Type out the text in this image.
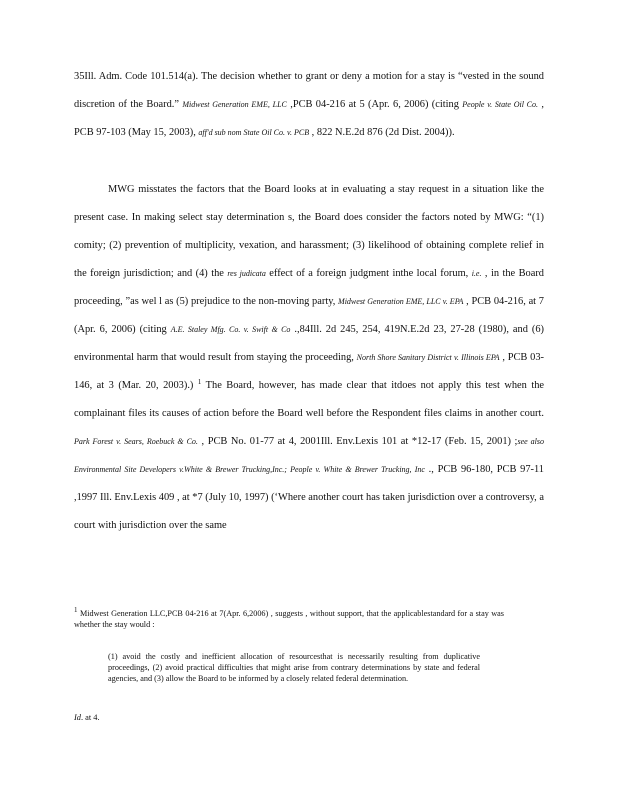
35Ill. Adm. Code 101.514(a). The decision whether to grant or deny a motion for a stay is “vested in the sound discretion of the Board.” Midwest Generation EME, LLC ,PCB 04-216 at 5 (Apr. 6, 2006) (citing People v. State Oil Co. , PCB 97-103 (May 15, 2003), aff'd sub nom State Oil Co. v. PCB , 822 N.E.2d 876 (2d Dist. 2004)).
MWG misstates the factors that the Board looks at in evaluating a stay request in a situation like the present case. In making select stay determination s, the Board does consider the factors noted by MWG: “(1) comity; (2) prevention of multiplicity, vexation, and harassment; (3) likelihood of obtaining complete relief in the foreign jurisdiction; and (4) the res judicata effect of a foreign judgment inthe local forum, i.e. , in the Board proceeding, ”as wel l as (5) prejudice to the non-moving party, Midwest Generation EME, LLC v. EPA , PCB 04-216, at 7 (Apr. 6, 2006) (citing A.E. Staley Mfg. Co. v. Swift & Co .,84Ill. 2d 245, 254, 419N.E.2d 23, 27-28 (1980), and (6) environmental harm that would result from staying the proceeding, North Shore Sanitary District v. Illinois EPA , PCB 03-146, at 3 (Mar. 20, 2003).) $^1$ The Board, however, has made clear that itdoes not apply this test when the complainant files its causes of action before the Board well before the Respondent files claims in another court. Park Forest v. Sears, Roebuck & Co. , PCB No. 01-77 at 4, 2001Ill. Env.Lexis 101 at *12-17 (Feb. 15, 2001) ;see also Environmental Site Developers v.White & Brewer Trucking,Inc.; People v. White & Brewer Trucking, Inc ., PCB 96-180, PCB 97-11 ,1997 Ill. Env.Lexis 409 , at *7 (July 10, 1997) (‘Where another court has taken jurisdiction over a controversy, a court with jurisdiction over the same
$^1$ Midwest Generation LLC,PCB 04-216 at 7(Apr. 6,2006) , suggests , without support, that the applicablestandard for a stay was whether the stay would :
(1) avoid the costly and inefficient allocation of resourcesthat is necessarily resulting from duplicative proceedings, (2) avoid practical difficulties that might arise from contrary determinations by state and federal agencies, and (3) allow the Board to be informed by a closely related federal determination.
Id. at 4.
